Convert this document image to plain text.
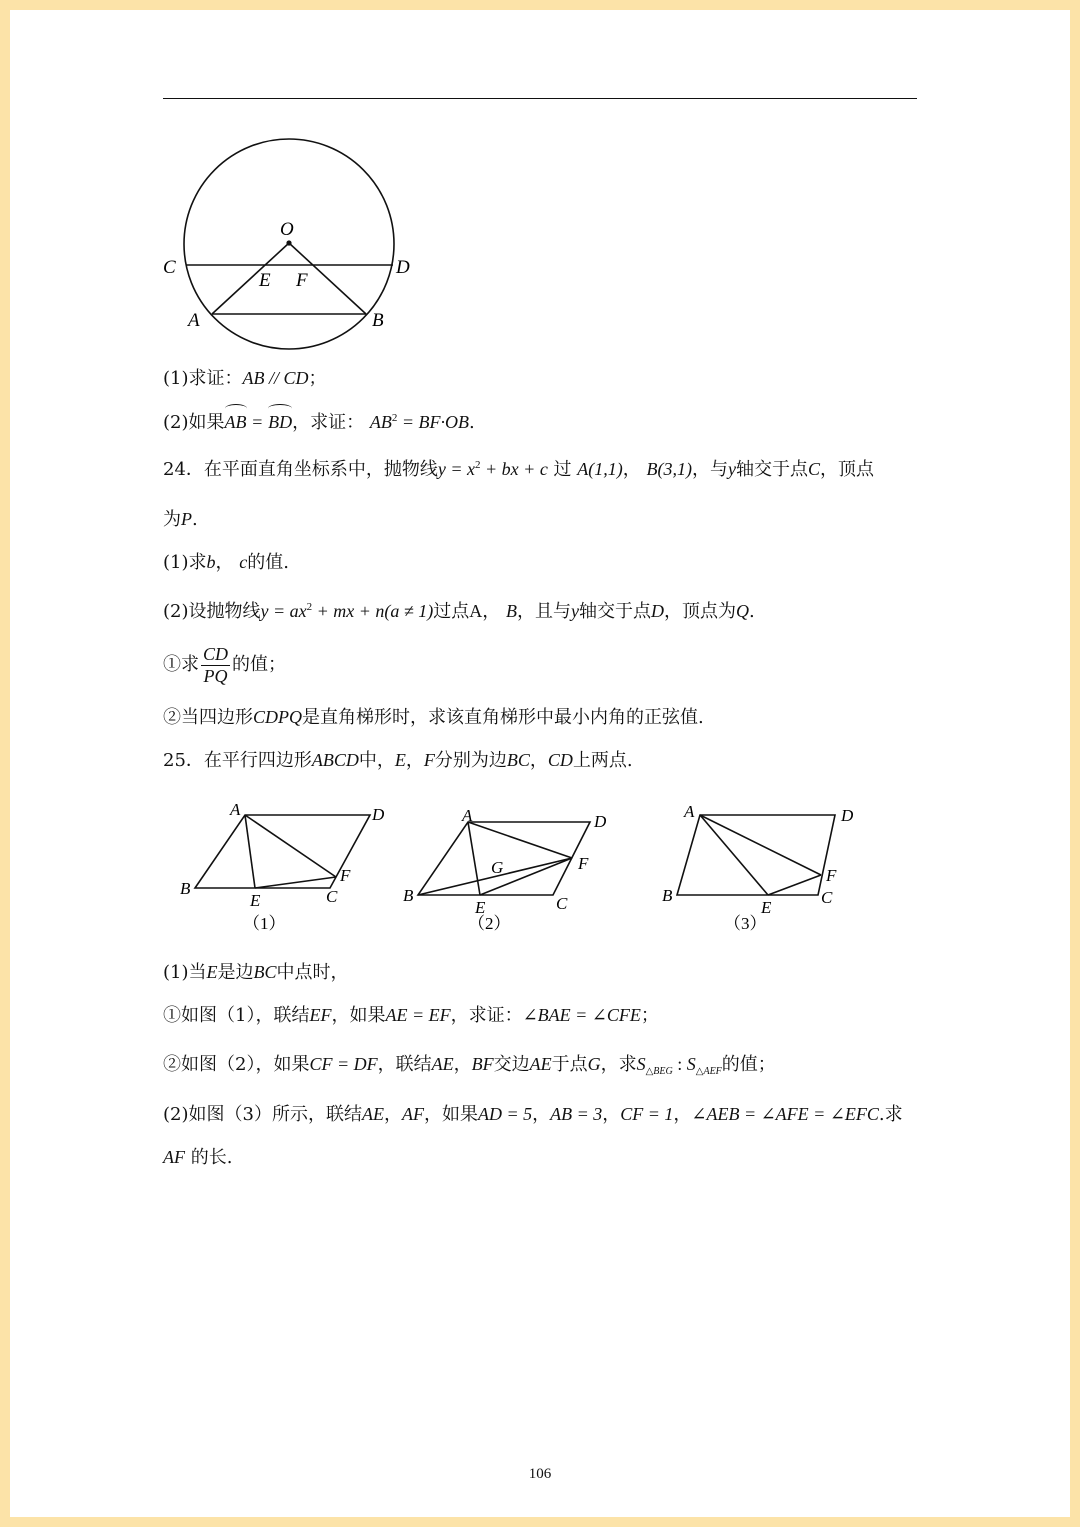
O
C	D
E F
A	B
(1)求证：AB // CD；
(2)如果AB = BD，求证： $AB^2 = BF\cdot OB$.
24．在平面直角坐标系中，抛物线$y = x^2$ + bx + c 过 A(1,1)， B(3,1)，与y轴交于点C，顶点
为P.
(1)求b， c的值.
(2)设抛物线$y = ax^2$ + mx + n(a ≠ 1)过点A， B，且与y轴交于点D，顶点为Q.
①求 $\frac{CD}{PQ}$ 的值；
②当四边形CDPQ是直角梯形时，求该直角梯形中最小内角的正弦值.
25．在平行四边形ABCD中，E，F分别为边BC，CD上两点.
A	D
B
E	C
F
（1）
A	D
G	F
B
E	C
（2）
A	D
F
B
E
C
（3）
(1)当E是边BC中点时，
①如图（1），联结EF，如果AE = EF，求证：∠BAE = ∠CFE；
②如图（2），如果CF = DF，联结AE，BF交边AE于点G，求$S_{\triangle BEG}$ : $S_{\triangle AEF}$的值；
(2)如图（3）所示，联结AE，AF，如果AD = 5，AB = 3，CF = 1，∠AEB = ∠AFE = ∠EFC.求
AF 的长.
106
